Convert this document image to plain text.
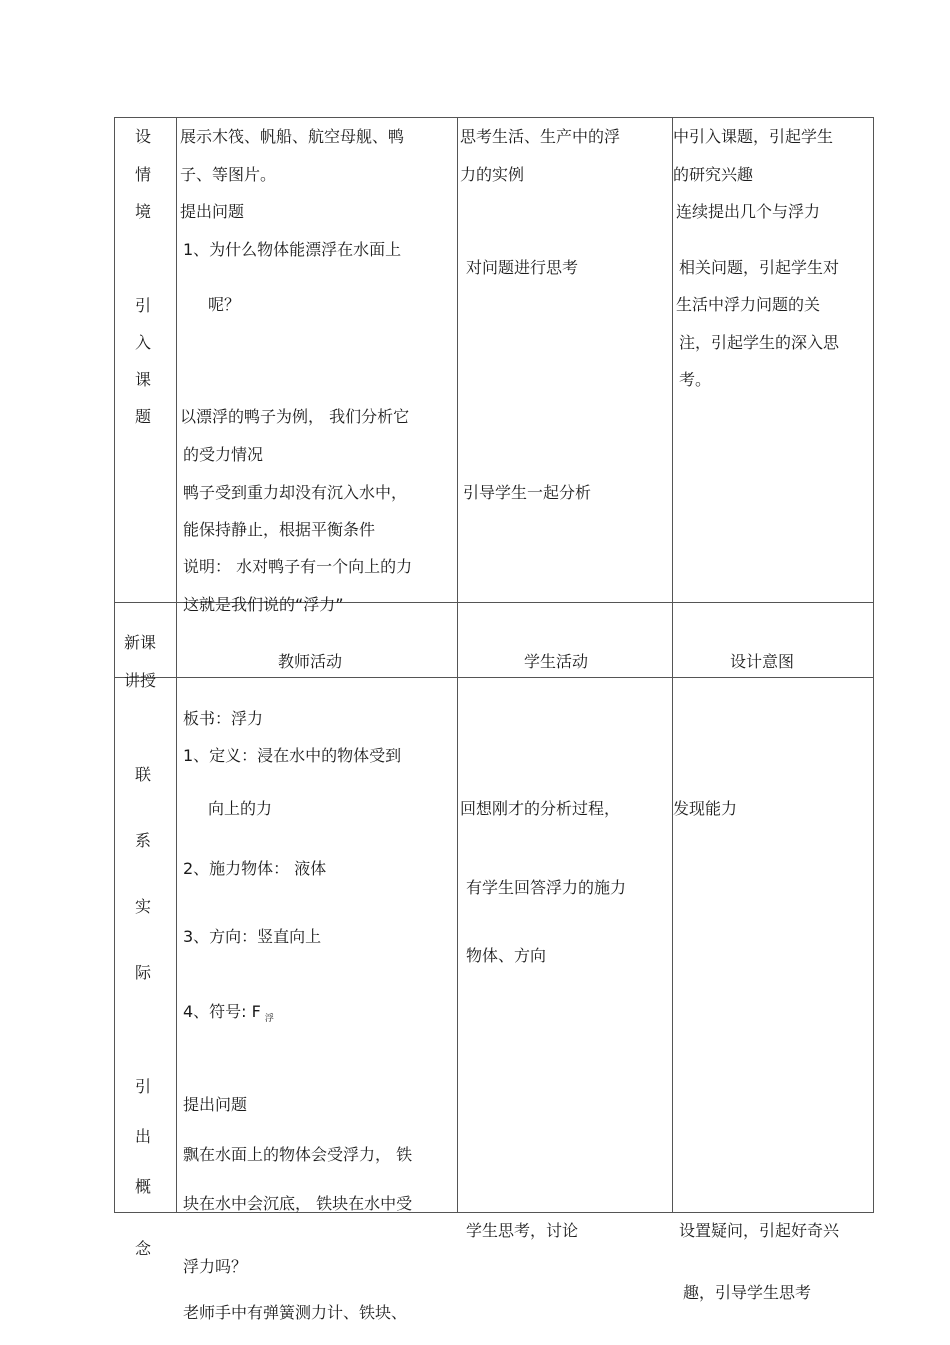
设
情
境
引
入
课
题
展示木筏、帆船、航空母舰、鸭
子、等图片。
提出问题
1、为什么物体能漂浮在水面上
呢？
以漂浮的鸭子为例， 我们分析它
的受力情况
鸭子受到重力却没有沉入水中，
能保持静止，根据平衡条件
说明： 水对鸭子有一个向上的力
这就是我们说的“浮力”
思考生活、生产中的浮
力的实例
对问题进行思考
引导学生一起分析
中引入课题，引起学生
的研究兴趣
连续提出几个与浮力
相关问题，引起学生对
生活中浮力问题的关
注，引起学生的深入思
考。
新课
讲授
教师活动	学生活动	设计意图
联
系
实
际
引
出
概
念
板书：浮力
1、定义：浸在水中的物体受到
向上的力
2、施力物体： 液体
3、方向：竖直向上
4、符号: F $_浮$
提出问题
飘在水面上的物体会受浮力， 铁
块在水中会沉底， 铁块在水中受
浮力吗？
老师手中有弹簧测力计、铁块、
回想刚才的分析过程，
有学生回答浮力的施力
物体、方向
学生思考，讨论
发现能力
设置疑问，引起好奇兴
趣，引导学生思考
